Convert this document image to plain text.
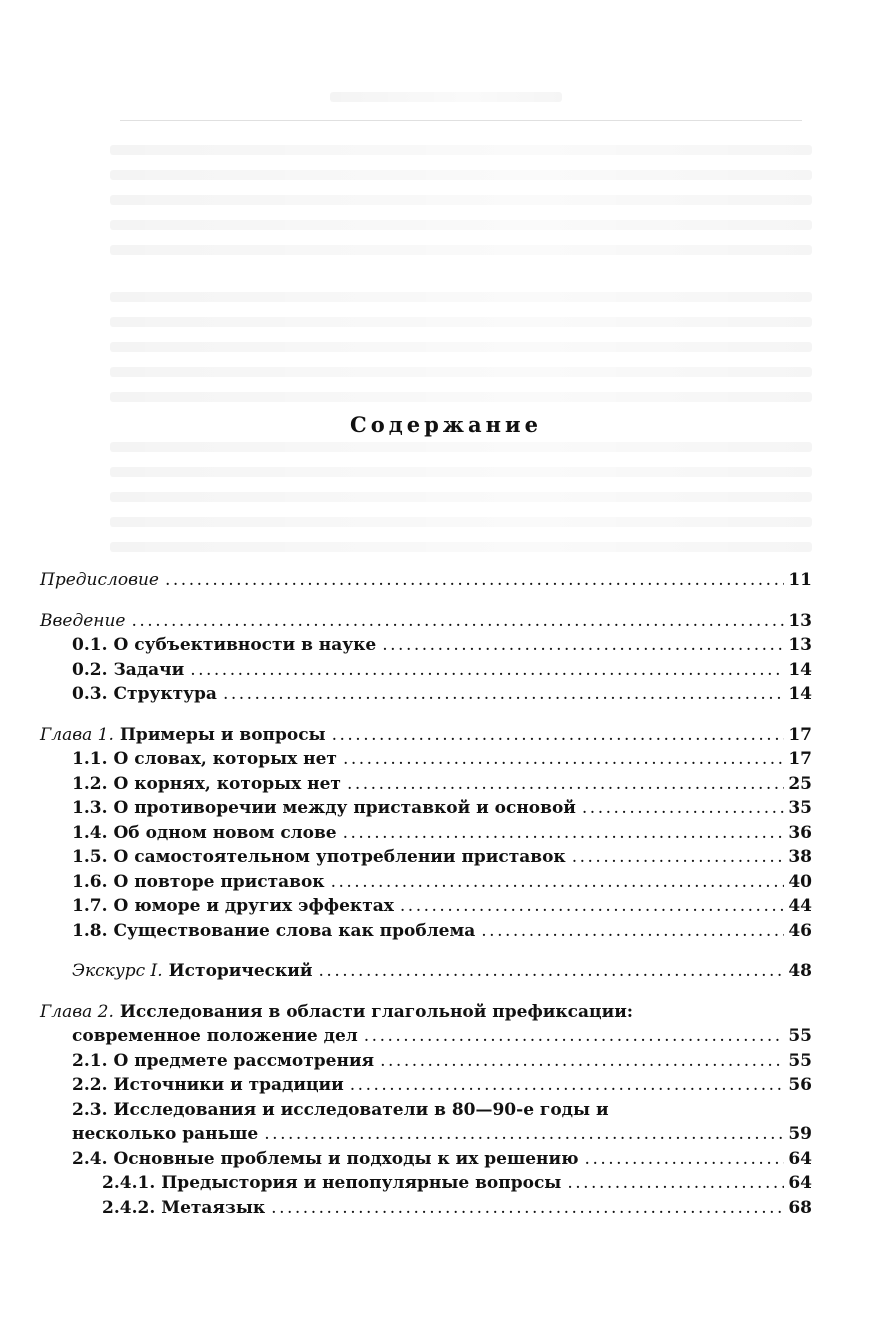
Содержание
Предисловие .....	11
Введение .....	13
0.1. О субъективности в науке .....	13
0.2. Задачи .....	14
0.3. Структура .....	14
Глава 1. Примеры и вопросы .....	17
1.1. О словах, которых нет .....	17
1.2. О корнях, которых нет .....	25
1.3. О противоречии между приставкой и основой .....	35
1.4. Об одном новом слове .....	36
1.5. О самостоятельном употреблении приставок .....	38
1.6. О повторе приставок .....	40
1.7. О юморе и других эффектах .....	44
1.8. Существование слова как проблема .....	46
Экскурс I. Исторический .....	48
Глава 2. Исследования в области глагольной префиксации:
современное положение дел .....	55
2.1. О предмете рассмотрения .....	55
2.2. Источники и традиции .....	56
2.3. Исследования и исследователи в 80—90-е годы и
несколько раньше .....	59
2.4. Основные проблемы и подходы к их решению .....	64
2.4.1. Предыстория и непопулярные вопросы .....	64
2.4.2. Метаязык .....	68
